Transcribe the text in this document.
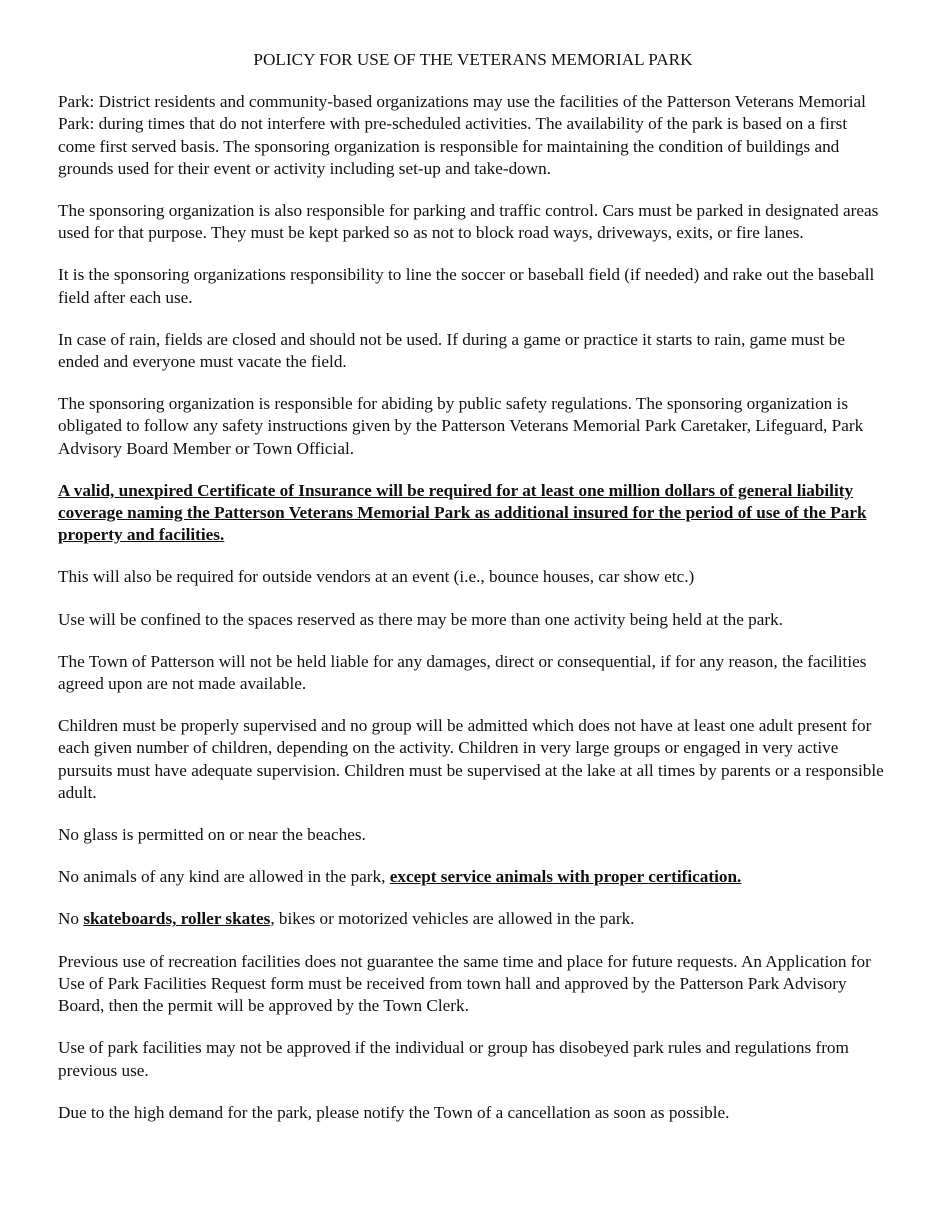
POLICY FOR USE OF THE VETERANS MEMORIAL PARK

Park: District residents and community-based organizations may use the facilities of the Patterson Veterans Memorial Park: during times that do not interfere with pre-scheduled activities. The availability of the park is based on a first come first served basis. The sponsoring organization is responsible for maintaining the condition of buildings and grounds used for their event or activity including set-up and take-down.

The sponsoring organization is also responsible for parking and traffic control. Cars must be parked in designated areas used for that purpose. They must be kept parked so as not to block road ways, driveways, exits, or fire lanes.

It is the sponsoring organizations responsibility to line the soccer or baseball field (if needed) and rake out the baseball field after each use.

In case of rain, fields are closed and should not be used. If during a game or practice it starts to rain, game must be ended and everyone must vacate the field.

The sponsoring organization is responsible for abiding by public safety regulations. The sponsoring organization is obligated to follow any safety instructions given by the Patterson Veterans Memorial Park Caretaker, Lifeguard, Park Advisory Board Member or Town Official.

A valid, unexpired Certificate of Insurance will be required for at least one million dollars of general liability coverage naming the Patterson Veterans Memorial Park as additional insured for the period of use of the Park property and facilities.

This will also be required for outside vendors at an event (i.e., bounce houses, car show etc.)

Use will be confined to the spaces reserved as there may be more than one activity being held at the park.

The Town of Patterson will not be held liable for any damages, direct or consequential, if for any reason, the facilities agreed upon are not made available.

Children must be properly supervised and no group will be admitted which does not have at least one adult present for each given number of children, depending on the activity. Children in very large groups or engaged in very active pursuits must have adequate supervision. Children must be supervised at the lake at all times by parents or a responsible adult.

No glass is permitted on or near the beaches.

No animals of any kind are allowed in the park, except service animals with proper certification.

No skateboards, roller skates, bikes or motorized vehicles are allowed in the park.

Previous use of recreation facilities does not guarantee the same time and place for future requests. An Application for Use of Park Facilities Request form must be received from town hall and approved by the Patterson Park Advisory Board, then the permit will be approved by the Town Clerk.

Use of park facilities may not be approved if the individual or group has disobeyed park rules and regulations from previous use.

Due to the high demand for the park, please notify the Town of a cancellation as soon as possible.
